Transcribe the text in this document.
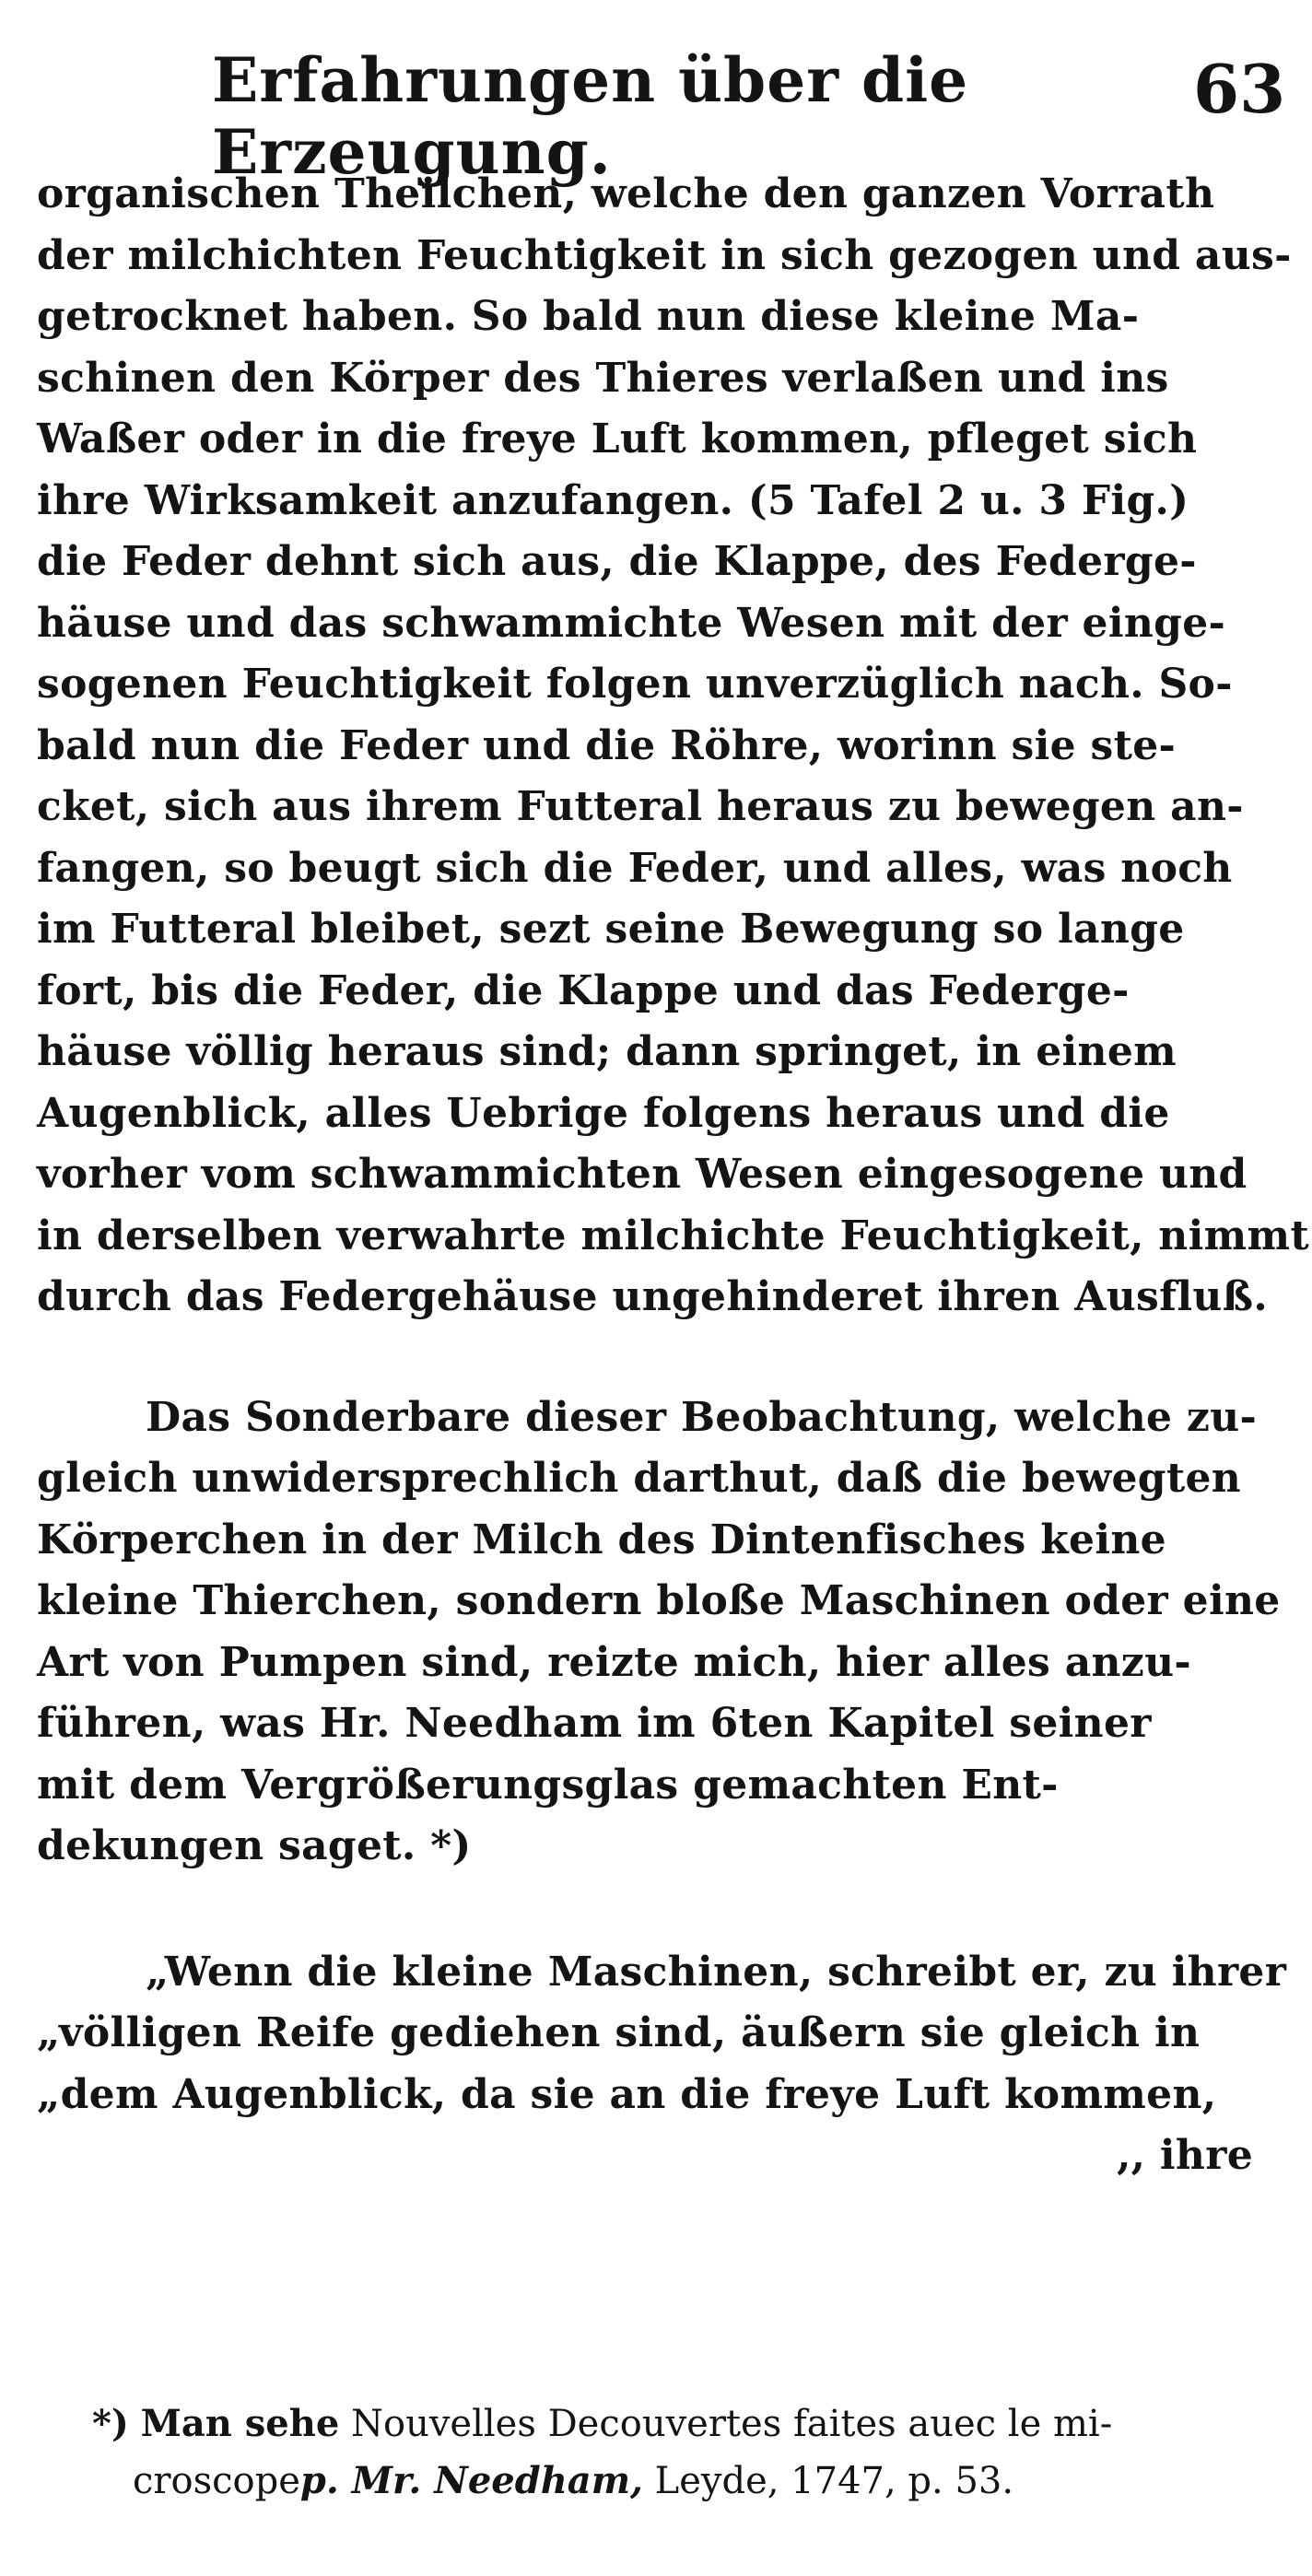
Erfahrungen über die Erzeugung.
63
organischen Theilchen, welche den ganzen Vorrath
der milchichten Feuchtigkeit in sich gezogen und aus-
getrocknet haben. So bald nun diese kleine Ma-
schinen den Körper des Thieres verlaßen und ins
Waßer oder in die freye Luft kommen, pfleget sich
ihre Wirksamkeit anzufangen. (5 Tafel 2 u. 3 Fig.)
die Feder dehnt sich aus, die Klappe, des Federge-
häuse und das schwammichte Wesen mit der einge-
sogenen Feuchtigkeit folgen unverzüglich nach. So-
bald nun die Feder und die Röhre, worinn sie ste-
cket, sich aus ihrem Futteral heraus zu bewegen an-
fangen, so beugt sich die Feder, und alles, was noch
im Futteral bleibet, sezt seine Bewegung so lange
fort, bis die Feder, die Klappe und das Federge-
häuse völlig heraus sind; dann springet, in einem
Augenblick, alles Uebrige folgens heraus und die
vorher vom schwammichten Wesen eingesogene und
in derselben verwahrte milchichte Feuchtigkeit, nimmt
durch das Federgehäuse ungehinderet ihren Ausfluß.
Das Sonderbare dieser Beobachtung, welche zu-
gleich unwidersprechlich darthut, daß die bewegten
Körperchen in der Milch des Dintenfisches keine
kleine Thierchen, sondern bloße Maschinen oder eine
Art von Pumpen sind, reizte mich, hier alles anzu-
führen, was Hr. Needham im 6ten Kapitel seiner
mit dem Vergrößerungsglas gemachten Ent-
dekungen saget. *)
„Wenn die kleine Maschinen, schreibt er, zu ihrer
„völligen Reife gediehen sind, äußern sie gleich in
„dem Augenblick, da sie an die freye Luft kommen,
,, ihre
*) Man sehe Nouvelles Decouvertes faites auec le mi-
croscopep. Mr. Needham, Leyde, 1747, p. 53.
